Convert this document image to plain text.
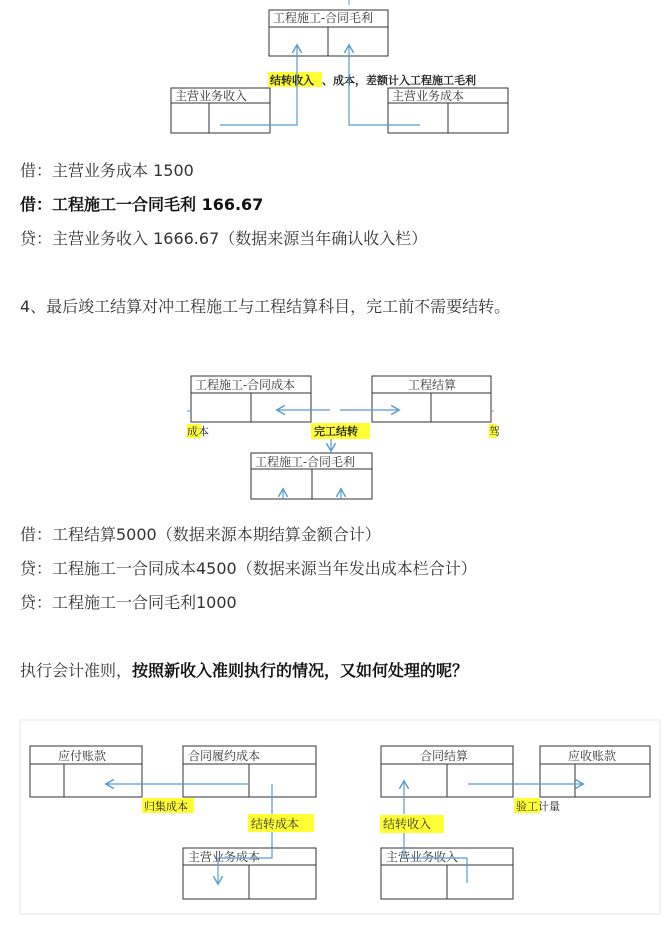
工程施工-合同毛利
结转收入 、成本，差额计入工程施工毛利
主营业务收入	主营业务成本
借：主营业务成本 1500
借：工程施工一合同毛利 166.67
贷：主营业务收入 1666.67（数据来源当年确认收入栏）
4、最后竣工结算对冲工程施工与工程结算科目，完工前不需要结转。
工程施工-合同成本	工程结算
成本	驾
完工结转
工程施工-合同毛利
借：工程结算5000（数据来源本期结算金额合计）
贷：工程施工一合同成本4500（数据来源当年发出成本栏合计）
贷：工程施工一合同毛利1000
执行会计准则，按照新收入准则执行的情况，又如何处理的呢？
应付账款	合同履约成本
归集成本
结转成本
主营业务成本
合同结算	应收账款
验工计量
结转收入
主营业务收入
